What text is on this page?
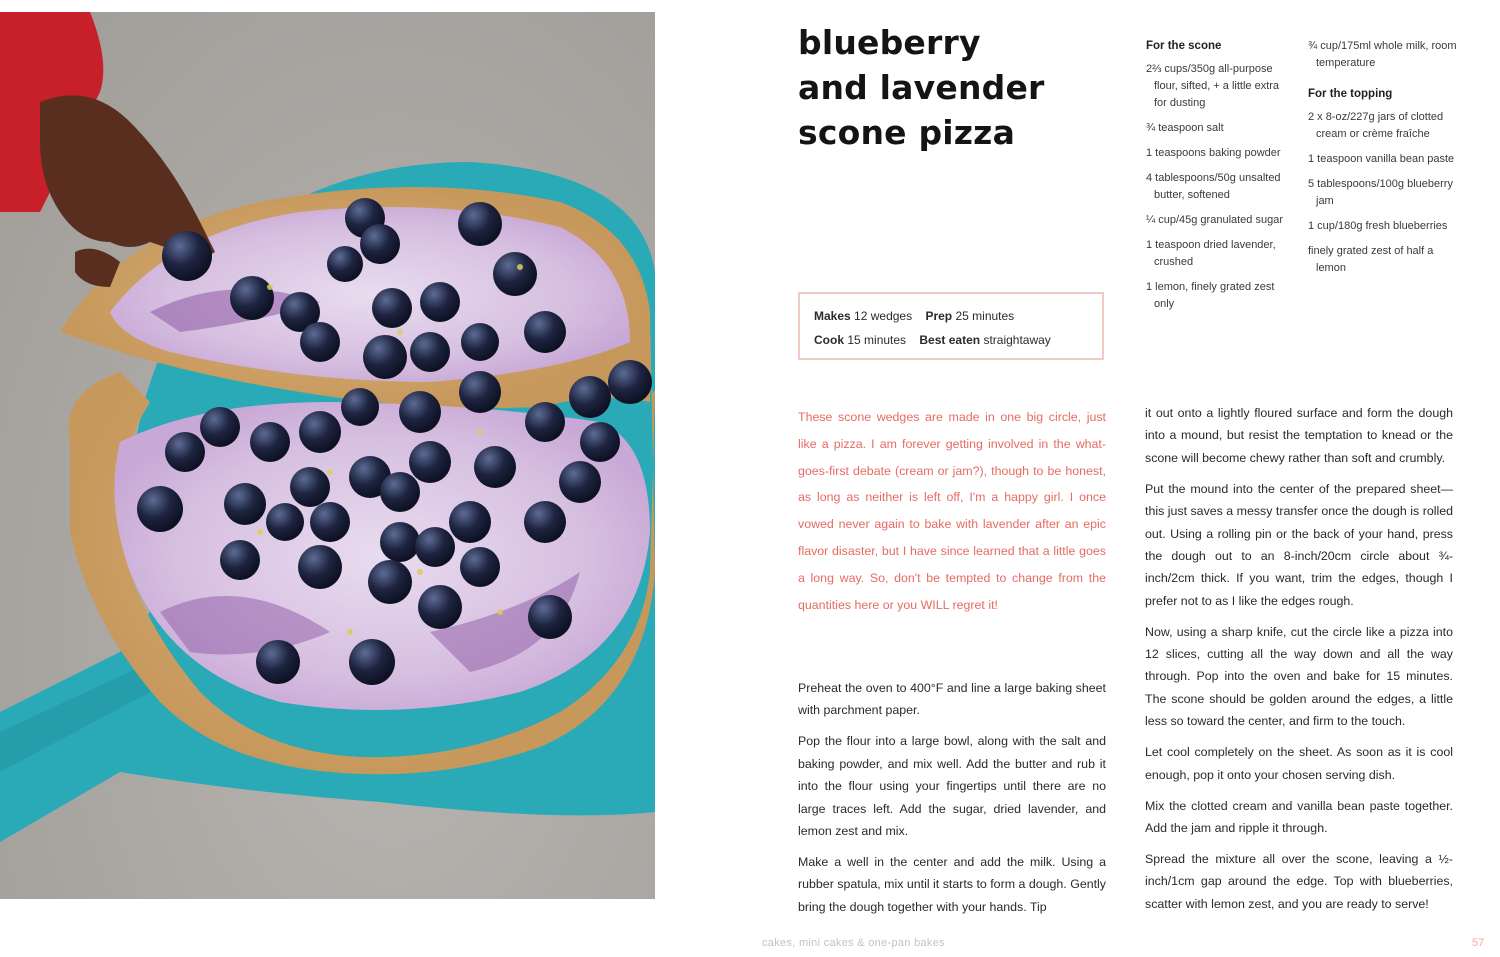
blueberry
and lavender
scone pizza
For the scone
2⅔ cups/350g all-purpose flour, sifted, + a little extra for dusting
¾ teaspoon salt
1 teaspoons baking powder
4 tablespoons/50g unsalted butter, softened
¼ cup/45g granulated sugar
1 teaspoon dried lavender, crushed
1 lemon, finely grated zest only
¾ cup/175ml whole milk, room temperature
For the topping
2 x 8-oz/227g jars of clotted cream or crème fraîche
1 teaspoon vanilla bean paste
5 tablespoons/100g blueberry jam
1 cup/180g fresh blueberries
finely grated zest of half a lemon
Makes 12 wedges Prep 25 minutes
Cook 15 minutes Best eaten straightaway

These scone wedges are made in one big circle, just like a pizza. I am forever getting involved in the what-goes-first debate (cream or jam?), though to be honest, as long as neither is left off, I'm a happy girl. I once vowed never again to bake with lavender after an epic flavor disaster, but I have since learned that a little goes a long way. So, don't be tempted to change from the quantities here or you WILL regret it!

Preheat the oven to 400°F and line a large baking sheet with parchment paper.

Pop the flour into a large bowl, along with the salt and baking powder, and mix well. Add the butter and rub it into the flour using your fingertips until there are no large traces left. Add the sugar, dried lavender, and lemon zest and mix.

Make a well in the center and add the milk. Using a rubber spatula, mix until it starts to form a dough. Gently bring the dough together with your hands. Tip

it out onto a lightly floured surface and form the dough into a mound, but resist the temptation to knead or the scone will become chewy rather than soft and crumbly.

Put the mound into the center of the prepared sheet—this just saves a messy transfer once the dough is rolled out. Using a rolling pin or the back of your hand, press the dough out to an 8-inch/20cm circle about ¾-inch/2cm thick. If you want, trim the edges, though I prefer not to as I like the edges rough.

Now, using a sharp knife, cut the circle like a pizza into 12 slices, cutting all the way down and all the way through. Pop into the oven and bake for 15 minutes. The scone should be golden around the edges, a little less so toward the center, and firm to the touch.

Let cool completely on the sheet. As soon as it is cool enough, pop it onto your chosen serving dish.

Mix the clotted cream and vanilla bean paste together. Add the jam and ripple it through.

Spread the mixture all over the scone, leaving a ½-inch/1cm gap around the edge. Top with blueberries, scatter with lemon zest, and you are ready to serve!

cakes, mini cakes & one-pan bakes	57
